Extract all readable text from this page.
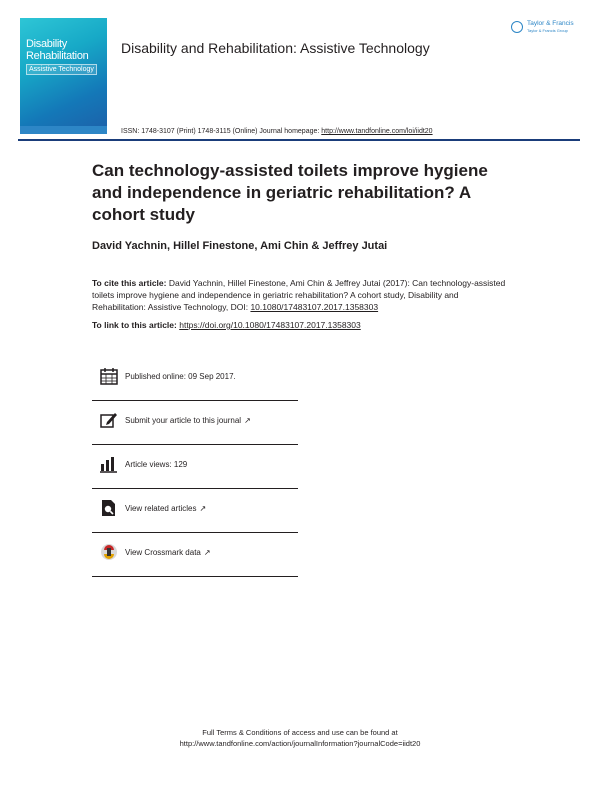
Disability
Rehabilitation
Assistive Technology
Disability and Rehabilitation: Assistive Technology
Taylor & Francis
Taylor & Francis Group
ISSN: 1748-3107 (Print) 1748-3115 (Online) Journal homepage: http://www.tandfonline.com/loi/iidt20
Can technology-assisted toilets improve hygiene and independence in geriatric rehabilitation? A cohort study
David Yachnin, Hillel Finestone, Ami Chin & Jeffrey Jutai
To cite this article: David Yachnin, Hillel Finestone, Ami Chin & Jeffrey Jutai (2017): Can technology-assisted toilets improve hygiene and independence in geriatric rehabilitation? A cohort study, Disability and Rehabilitation: Assistive Technology, DOI: 10.1080/17483107.2017.1358303
To link to this article: https://doi.org/10.1080/17483107.2017.1358303
Published online: 09 Sep 2017.
Submit your article to this journal ↗
Article views: 129
View related articles ↗
View Crossmark data ↗
Full Terms & Conditions of access and use can be found at
http://www.tandfonline.com/action/journalInformation?journalCode=iidt20
